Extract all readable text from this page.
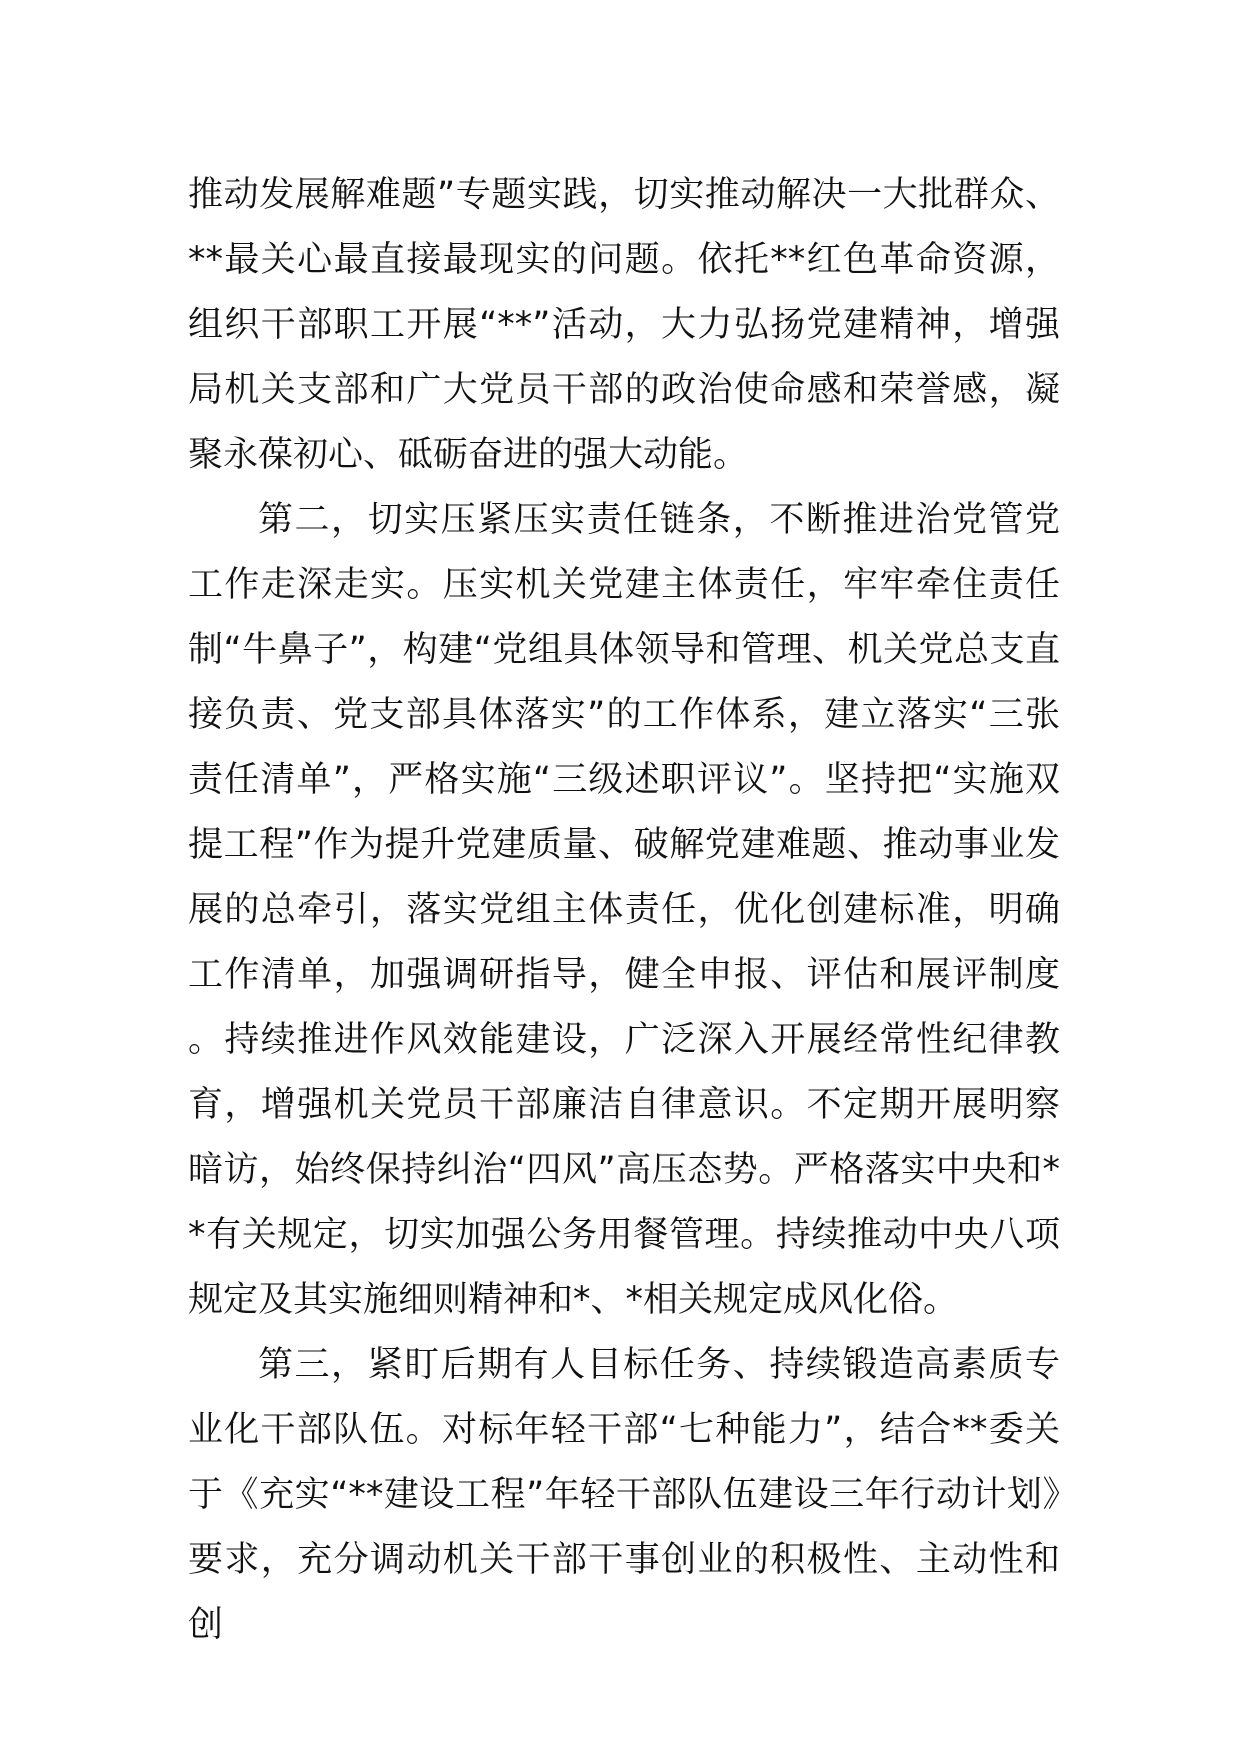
推动发展解难题”专题实践，切实推动解决一大批群众、**最关心最直接最现实的问题。依托**红色革命资源，组织干部职工开展“**”活动，大力弘扬党建精神，增强局机关支部和广大党员干部的政治使命感和荣誉感，凝聚永葆初心、砥砺奋进的强大动能。

第二，切实压紧压实责任链条，不断推进治党管党工作走深走实。压实机关党建主体责任，牢牢牵住责任制“牛鼻子”，构建“党组具体领导和管理、机关党总支直接负责、党支部具体落实”的工作体系，建立落实“三张责任清单”，严格实施“三级述职评议”。坚持把“实施双提工程”作为提升党建质量、破解党建难题、推动事业发展的总牵引，落实党组主体责任，优化创建标准，明确工作清单，加强调研指导，健全申报、评估和展评制度。持续推进作风效能建设，广泛深入开展经常性纪律教育，增强机关党员干部廉洁自律意识。不定期开展明察暗访，始终保持纠治“四风”高压态势。严格落实中央和**有关规定，切实加强公务用餐管理。持续推动中央八项规定及其实施细则精神和*、*相关规定成风化俗。

第三，紧盯后期有人目标任务、持续锻造高素质专业化干部队伍。对标年轻干部“七种能力”，结合**委关于《充实“**建设工程”年轻干部队伍建设三年行动计划》要求，充分调动机关干部干事创业的积极性、主动性和创
